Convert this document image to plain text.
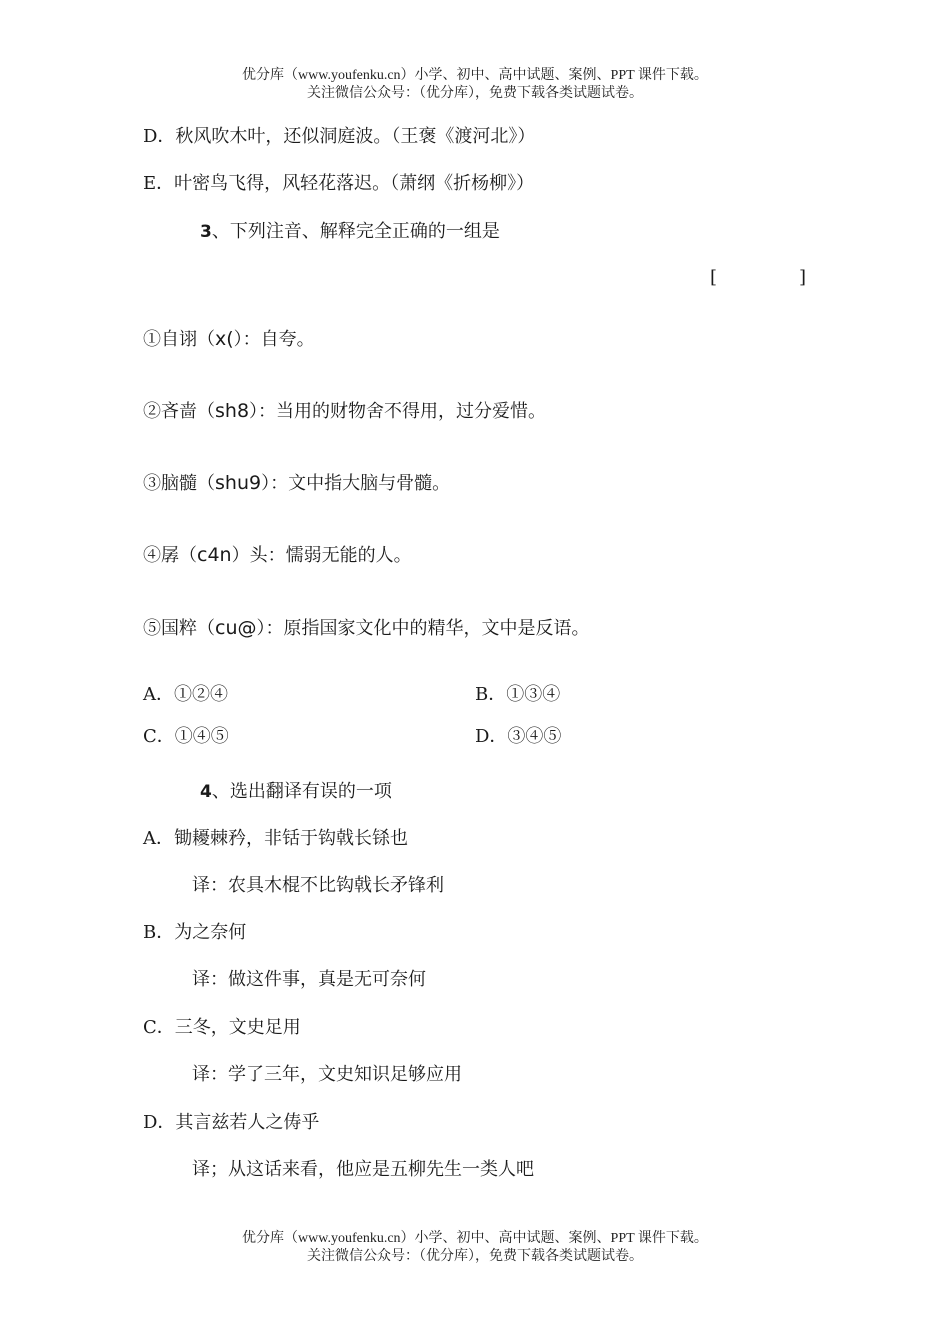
优分库（www.youfenku.cn）小学、初中、高中试题、案例、PPT 课件下载。
关注微信公众号：（优分库），免费下载各类试题试卷。
D．秋风吹木叶，还似洞庭波。（王褒《渡河北》）
E．叶密鸟飞得，风轻花落迟。（萧纲《折杨柳》）
3、下列注音、解释完全正确的一组是
[	]
①自诩（x(）：自夸。
②吝啬（sh8）：当用的财物舍不得用，过分爱惜。
③脑髓（shu9）：文中指大脑与骨髓。
④孱（c4n）头：懦弱无能的人。
⑤国粹（cu@）：原指国家文化中的精华，文中是反语。
A．①②④	B．①③④
C．①④⑤	D．③④⑤
4、选出翻译有误的一项
A．锄耰棘矜，非铦于钩戟长铩也
译：农具木棍不比钩戟长矛锋利
B．为之奈何
译：做这件事，真是无可奈何
C．三冬，文史足用
译：学了三年，文史知识足够应用
D．其言兹若人之俦乎
译；从这话来看，他应是五柳先生一类人吧
优分库（www.youfenku.cn）小学、初中、高中试题、案例、PPT 课件下载。
关注微信公众号：（优分库），免费下载各类试题试卷。
